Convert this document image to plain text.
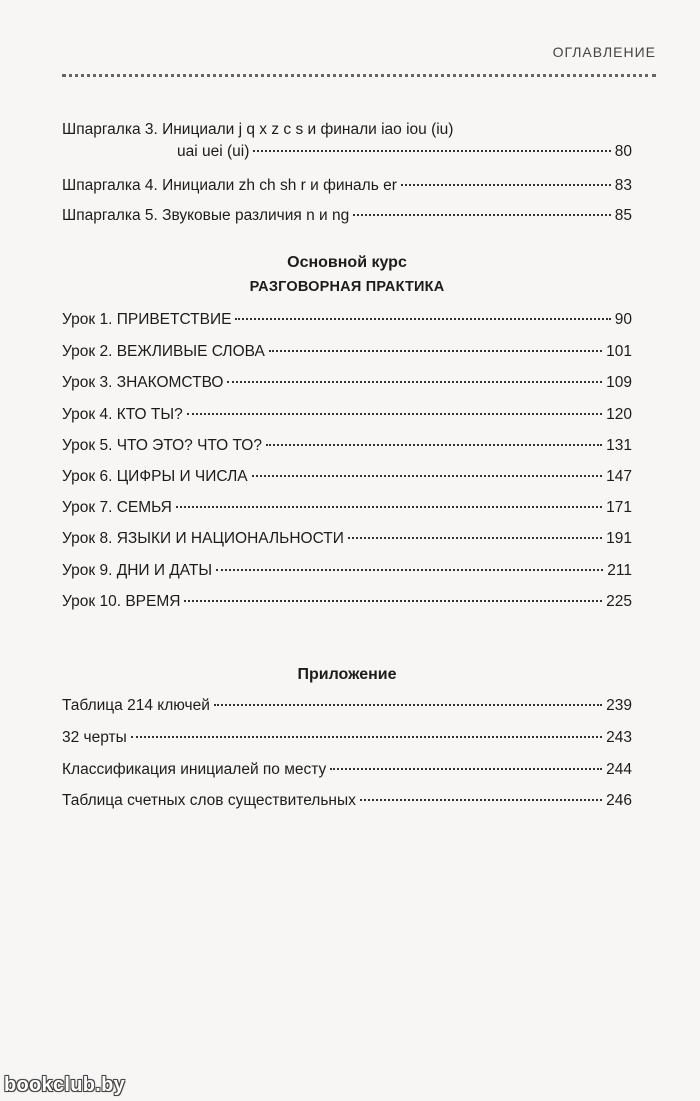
ОГЛАВЛЕНИЕ
Шпаргалка 3. Инициали j q x z c s и финали iao iou (iu)
uai uei (ui)	80
Шпаргалка 4. Инициали zh ch sh r и финаль er	83
Шпаргалка 5. Звуковые различия n и ng	85
Основной курс
РАЗГОВОРНАЯ ПРАКТИКА
Урок 1. ПРИВЕТСТВИЕ	90
Урок 2. ВЕЖЛИВЫЕ СЛОВА	101
Урок 3. ЗНАКОМСТВО	109
Урок 4. КТО ТЫ?	120
Урок 5. ЧТО ЭТО? ЧТО ТО?	131
Урок 6. ЦИФРЫ И ЧИСЛА	147
Урок 7. СЕМЬЯ	171
Урок 8. ЯЗЫКИ И НАЦИОНАЛЬНОСТИ	191
Урок 9. ДНИ И ДАТЫ	211
Урок 10. ВРЕМЯ	225
Приложение
Таблица 214 ключей	239
32 черты	243
Классификация инициалей по месту	244
Таблица счетных слов существительных	246
bookclub.by
